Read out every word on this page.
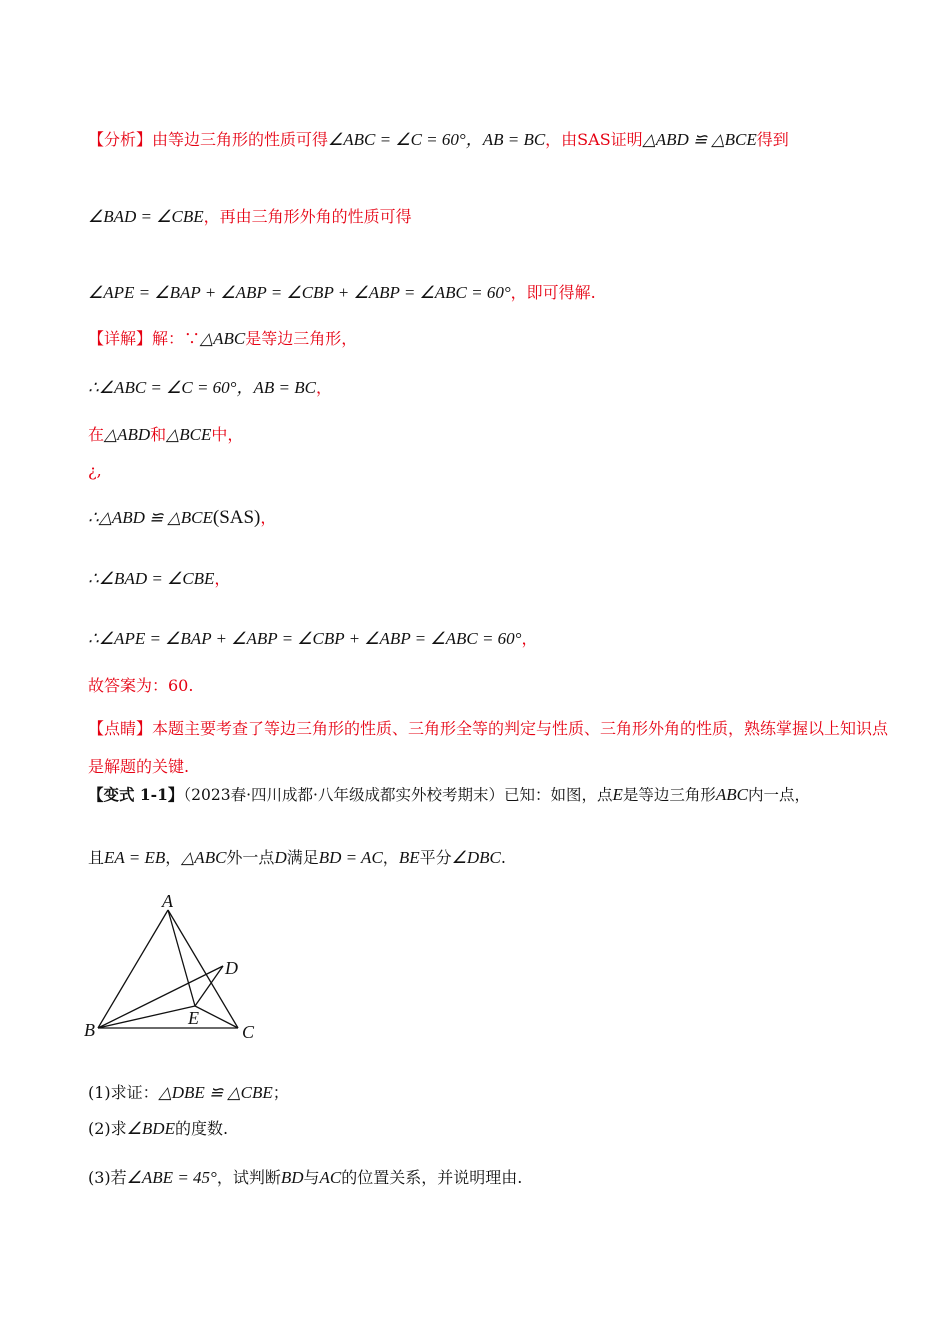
【分析】由等边三角形的性质可得∠ABC = ∠C = 60°，AB = BC，由SAS证明△ABD ≌ △BCE得到
∠BAD = ∠CBE，再由三角形外角的性质可得
∠APE = ∠BAP + ∠ABP = ∠CBP + ∠ABP = ∠ABC = 60°，即可得解.
【详解】解：∵△ABC是等边三角形，
∴∠ABC = ∠C = 60°，AB = BC，
在△ABD和△BCE中，
¿,
∴△ABD ≌ △BCE(SAS)，
∴∠BAD = ∠CBE，
∴∠APE = ∠BAP + ∠ABP = ∠CBP + ∠ABP = ∠ABC = 60°，
故答案为：60.
【点睛】本题主要考查了等边三角形的性质、三角形全等的判定与性质、三角形外角的性质，熟练掌握以上知识点是解题的关键.
【变式 1-1】（2023春·四川成都·八年级成都实外校考期末）已知：如图，点E是等边三角形ABC内一点，
且EA = EB，△ABC外一点D满足BD = AC，BE平分∠DBC.
A
B	C
D
E
(1)求证：△DBE ≌ △CBE；
(2)求∠BDE的度数.
(3)若∠ABE = 45°，试判断BD与AC的位置关系，并说明理由.
